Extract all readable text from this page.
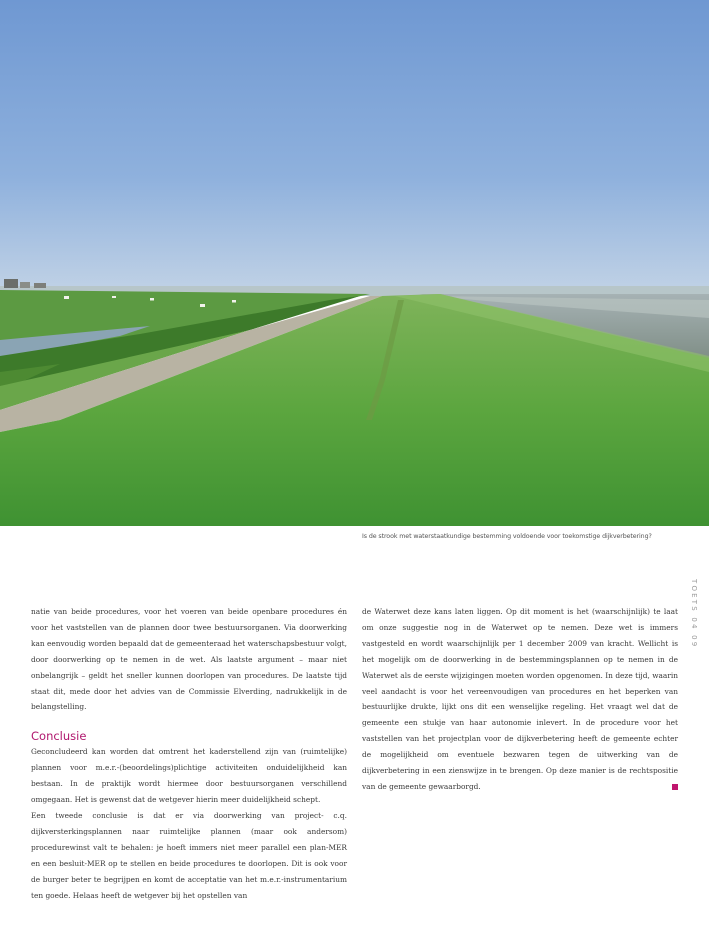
Is de strook met waterstaatkundige bestemming voldoende voor toekomstige dijkverbetering?
TOETS 04 09

natie van beide procedures, voor het voeren van beide openbare procedures én voor het vaststellen van de plannen door twee bestuursorganen. Via doorwerking kan eenvoudig worden bepaald dat de gemeenteraad het waterschapsbestuur volgt, door doorwerking op te nemen in de wet. Als laatste argument – maar niet onbelangrijk – geldt het sneller kunnen doorlopen van procedures. De laatste tijd staat dit, mede door het advies van de Commissie Elverding, nadrukkelijk in de belangstelling.

Conclusie

Geconcludeerd kan worden dat omtrent het kaderstellend zijn van (ruimtelijke) plannen voor m.e.r.-(beoordelings)plichtige activiteiten onduidelijkheid kan bestaan. In de praktijk wordt hiermee door bestuursorganen verschillend omgegaan. Het is gewenst dat de wetgever hierin meer duidelijkheid schept.

Een tweede conclusie is dat er via doorwerking van project- c.q. dijkversterkingsplannen naar ruimtelijke plannen (maar ook andersom) procedurewinst valt te behalen: je hoeft immers niet meer parallel een plan-MER en een besluit-MER op te stellen en beide procedures te doorlopen. Dit is ook voor de burger beter te begrijpen en komt de acceptatie van het m.e.r.-instrumentarium ten goede. Helaas heeft de wetgever bij het opstellen van

de Waterwet deze kans laten liggen. Op dit moment is het (waarschijnlijk) te laat om onze suggestie nog in de Waterwet op te nemen. Deze wet is immers vastgesteld en wordt waarschijnlijk per 1 december 2009 van kracht. Wellicht is het mogelijk om de doorwerking in de bestemmingsplannen op te nemen in de Waterwet als de eerste wijzigingen moeten worden opgenomen. In deze tijd, waarin veel aandacht is voor het vereenvoudigen van procedures en het beperken van bestuurlijke drukte, lijkt ons dit een wenselijke regeling. Het vraagt wel dat de gemeente een stukje van haar autonomie inlevert. In de procedure voor het vaststellen van het projectplan voor de dijkverbetering heeft de gemeente echter de mogelijkheid om eventuele bezwaren tegen de uitwerking van de dijkverbetering in een zienswijze in te brengen. Op deze manier is de rechtspositie van de gemeente gewaarborgd.
